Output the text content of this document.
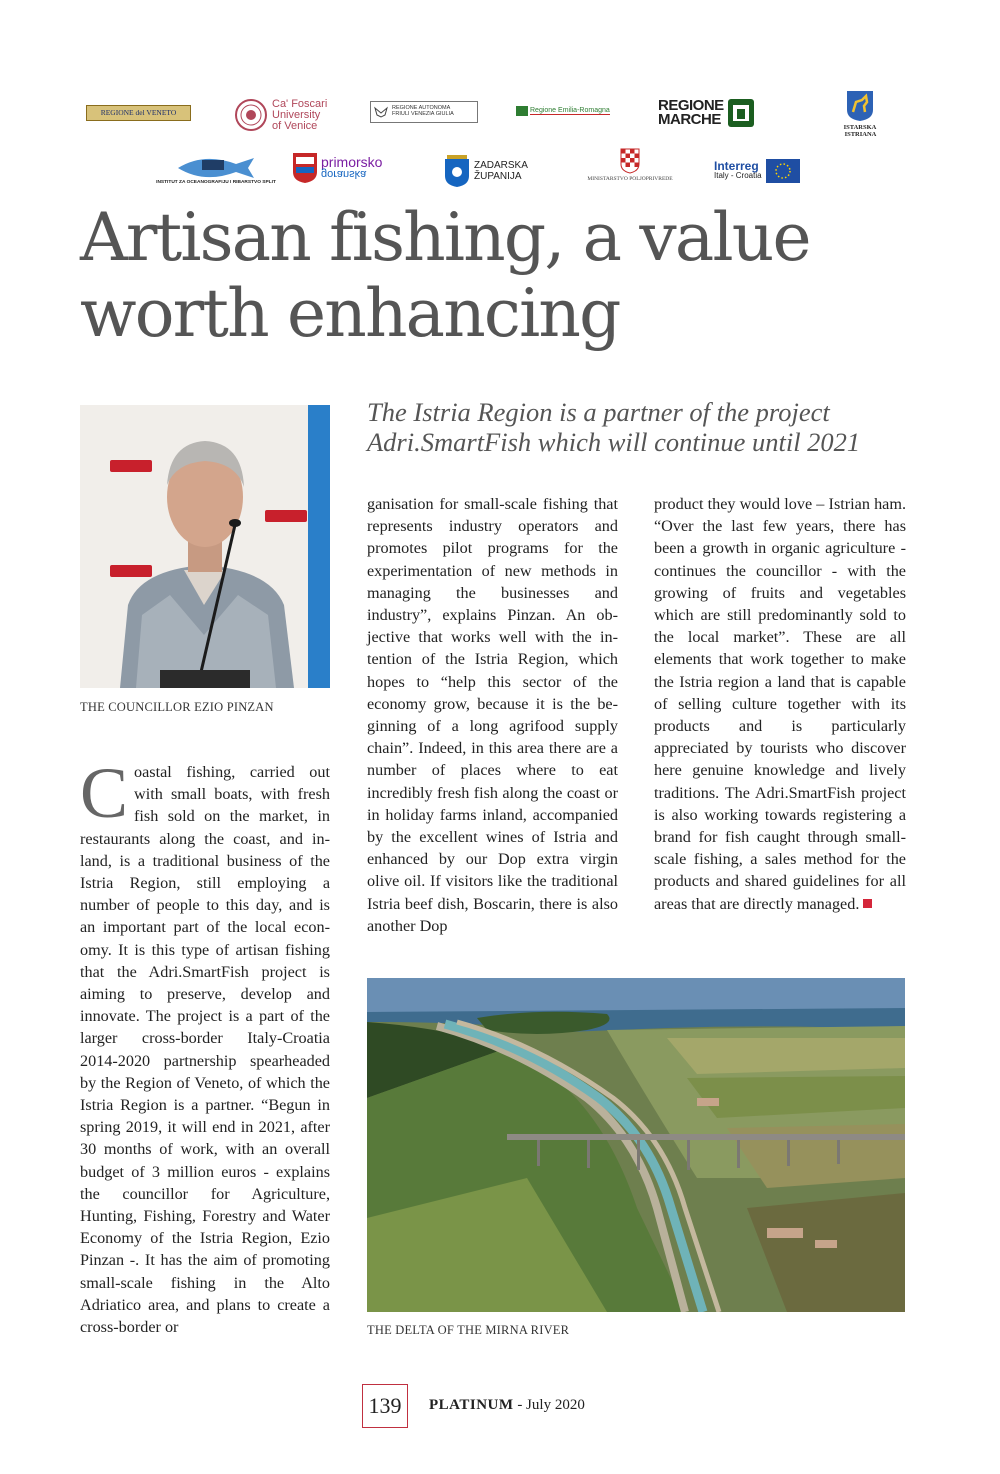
REGIONE del VENETO
Ca' Foscari
University
of Venice
REGIONE AUTONOMA
FRIULI VENEZIA GIULIA
Regione Emilia-Romagna	REGIONE
MARCHE	ISTARSKA
ISTRIANA
INSTITUT ZA OCEANOGRAFIJU I RIBARSTVO SPLIT
primorsko
goranska
ZADARSKA
ŽUPANIJA	MINISTARSTVO POLJOPRIVREDE
Interreg
Italy - Croatia
Artisan fishing, a value
worth enhancing
The Istria Region is a partner of the project
Adri.SmartFish which will continue until 2021
THE COUNCILLOR EZIO PINZAN

Coastal fishing, carried out with small boats, with fresh fish sold on the market, in restaurants along the coast, and inland, is a traditional business of the Istria Region, still employing a number of people to this day, and is an important part of the local economy. It is this type of artisan fishing that the Adri.SmartFish project is aiming to preserve, develop and innovate. The project is a part of the larger cross-border Italy-Croatia 2014-2020 partnership spearheaded by the Region of Veneto, of which the Istria Region is a partner. “Begun in spring 2019, it will end in 2021, after 30 months of work, with an overall budget of 3 million euros - explains the councillor for Agriculture, Hunting, Fishing, Forestry and Water Economy of the Istria Region, Ezio Pinzan -. It has the aim of promoting small-scale fishing in the Alto Adriatico area, and plans to create a cross-border or

ganisation for small-scale fishing that represents industry operators and promotes pilot programs for the experimentation of new methods in managing the businesses and industry”, explains Pinzan. An objective that works well with the intention of the Istria Region, which hopes to “help this sector of the economy grow, because it is the beginning of a long agrifood supply chain”. Indeed, in this area there are a number of places where to eat incredibly fresh fish along the coast or in holiday farms inland, accompanied by the excellent wines of Istria and enhanced by our Dop extra virgin olive oil. If visitors like the traditional Istria beef dish, Boscarin, there is also another Dop

product they would love – Istrian ham. “Over the last few years, there has been a growth in organic agriculture - continues the councillor - with the growing of fruits and vegetables which are still predominantly sold to the local market”. These are all elements that work together to make the Istria region a land that is capable of selling culture together with its products and is particularly appreciated by tourists who discover here genuine knowledge and lively traditions. The Adri.SmartFish project is also working towards registering a brand for fish caught through small-scale fishing, a sales method for the products and shared guidelines for all areas that are directly managed.

THE DELTA OF THE MIRNA RIVER
139	PLATINUM - July 2020
